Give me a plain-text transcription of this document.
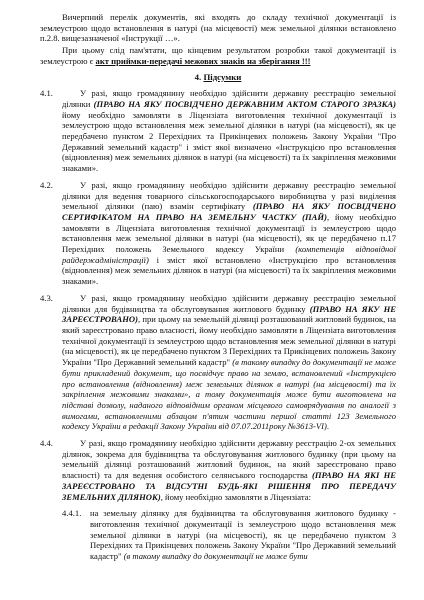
Вичерпний перелік документів, які входять до складу технічної документації із землеустрою щодо встановлення в натурі (на місцевості) меж земельної ділянки встановлено п.2.8. вищезазначеної «Інструкції …».

При цьому слід пам'ятати, що кінцевим результатом розробки такої документації із землеустрою є акт приймки-передачі межових знаків на зберігання !!!

4. Підсумки
4.1.	У разі, якщо громадянину необхідно здійснити державну реєстрацію земельної ділянки (ПРАВО НА ЯКУ ПОСВІДЧЕНО ДЕРЖАВНИМ АКТОМ СТАРОГО ЗРАЗКА) йому необхідно замовляти в Ліцензіата виготовлення технічної документації із землеустрою щодо встановлення меж земельної ділянки в натурі (на місцевості), як це передбачено пунктом 2 Перехідних та Прикінцевих положень Закону України "Про Державний земельний кадастр" і зміст якої визначено «Інструкцією про встановлення (відновлення) меж земельних ділянок в натурі (на місцевості) та їх закріплення межовими знаками».
4.2.	У разі, якщо громадянину необхідно здійснити державну реєстрацію земельної ділянки для ведення товарного сільськогосподарського виробництва у разі виділення земельної ділянки (паю) взамін сертифікату (ПРАВО НА ЯКУ ПОСВІДЧЕНО СЕРТИФІКАТОМ НА ПРАВО НА ЗЕМЕЛЬНУ ЧАСТКУ (ПАЙ), йому необхідно замовляти в Ліцензіата виготовлення технічної документації із землеустрою щодо встановлення меж земельної ділянки в натурі (на місцевості), як це передбачено п.17 Перехідних положень Земельного кодексу України (компетенція відповідної райдержадміністрації) і зміст якої встановлено «Інструкцією про встановлення (відновлення) меж земельних ділянок в натурі (на місцевості) та їх закріплення межовими знаками».
4.3.	У разі, якщо громадянину необхідно здійснити державну реєстрацію земельної ділянки для будівництва та обслуговування житлового будинку (ПРАВО НА ЯКУ НЕ ЗАРЕЄСТРОВАНО), при цьому на земельній ділянці розташований житловий будинок, на який зареєстровано право власності, йому необхідно замовляти в Ліцензіата виготовлення технічної документації із землеустрою щодо встановлення меж земельної ділянки в натурі (на місцевості), як це передбачено пунктом 3 Перехідних та Прикінцевих положень Закону України "Про Державний земельний кадастр" (в такому випадку до документації не може бути прикладений документ, що посвідчує право на землю, встановлений «Інструкцією про встановлення (відновлення) меж земельних ділянок в натурі (на місцевості) та їх закріплення межовими знаками», а тому документація може бути виготовлена на підставі дозволу, наданого відповідним органом місцевого самоврядування по аналогії з вимогами, встановленими абзацом п'ятим частини першої статті 123 Земельного кодексу України в редакції Закону України від 07.07.2011року №3613-VI).
4.4.	У разі, якщо громадянину необхідно здійснити державну реєстрацію 2-ох земельних ділянок, зокрема для будівництва та обслуговування житлового будинку (при цьому на земельній ділянці розташований житловий будинок, на який зареєстровано право власності) та для ведення особистого селянського господарства (ПРАВО НА ЯКІ НЕ ЗАРЕЄСТРОВАНО ТА ВІДСУТНІ БУДЬ-ЯКІ РІШЕННЯ ПРО ПЕРЕДАЧУ ЗЕМЕЛЬНИХ ДІЛЯНОК), йому необхідно замовляти в Ліцензіата:
4.4.1.	на земельну ділянку для будівництва та обслуговування житлового будинку - виготовлення технічної документації із землеустрою щодо встановлення меж земельної ділянки в натурі (на місцевості), як це передбачено пунктом 3 Перехідних та Прикінцевих положень Закону України "Про Державний земельний кадастр" (в такому випадку до документації не може бути
